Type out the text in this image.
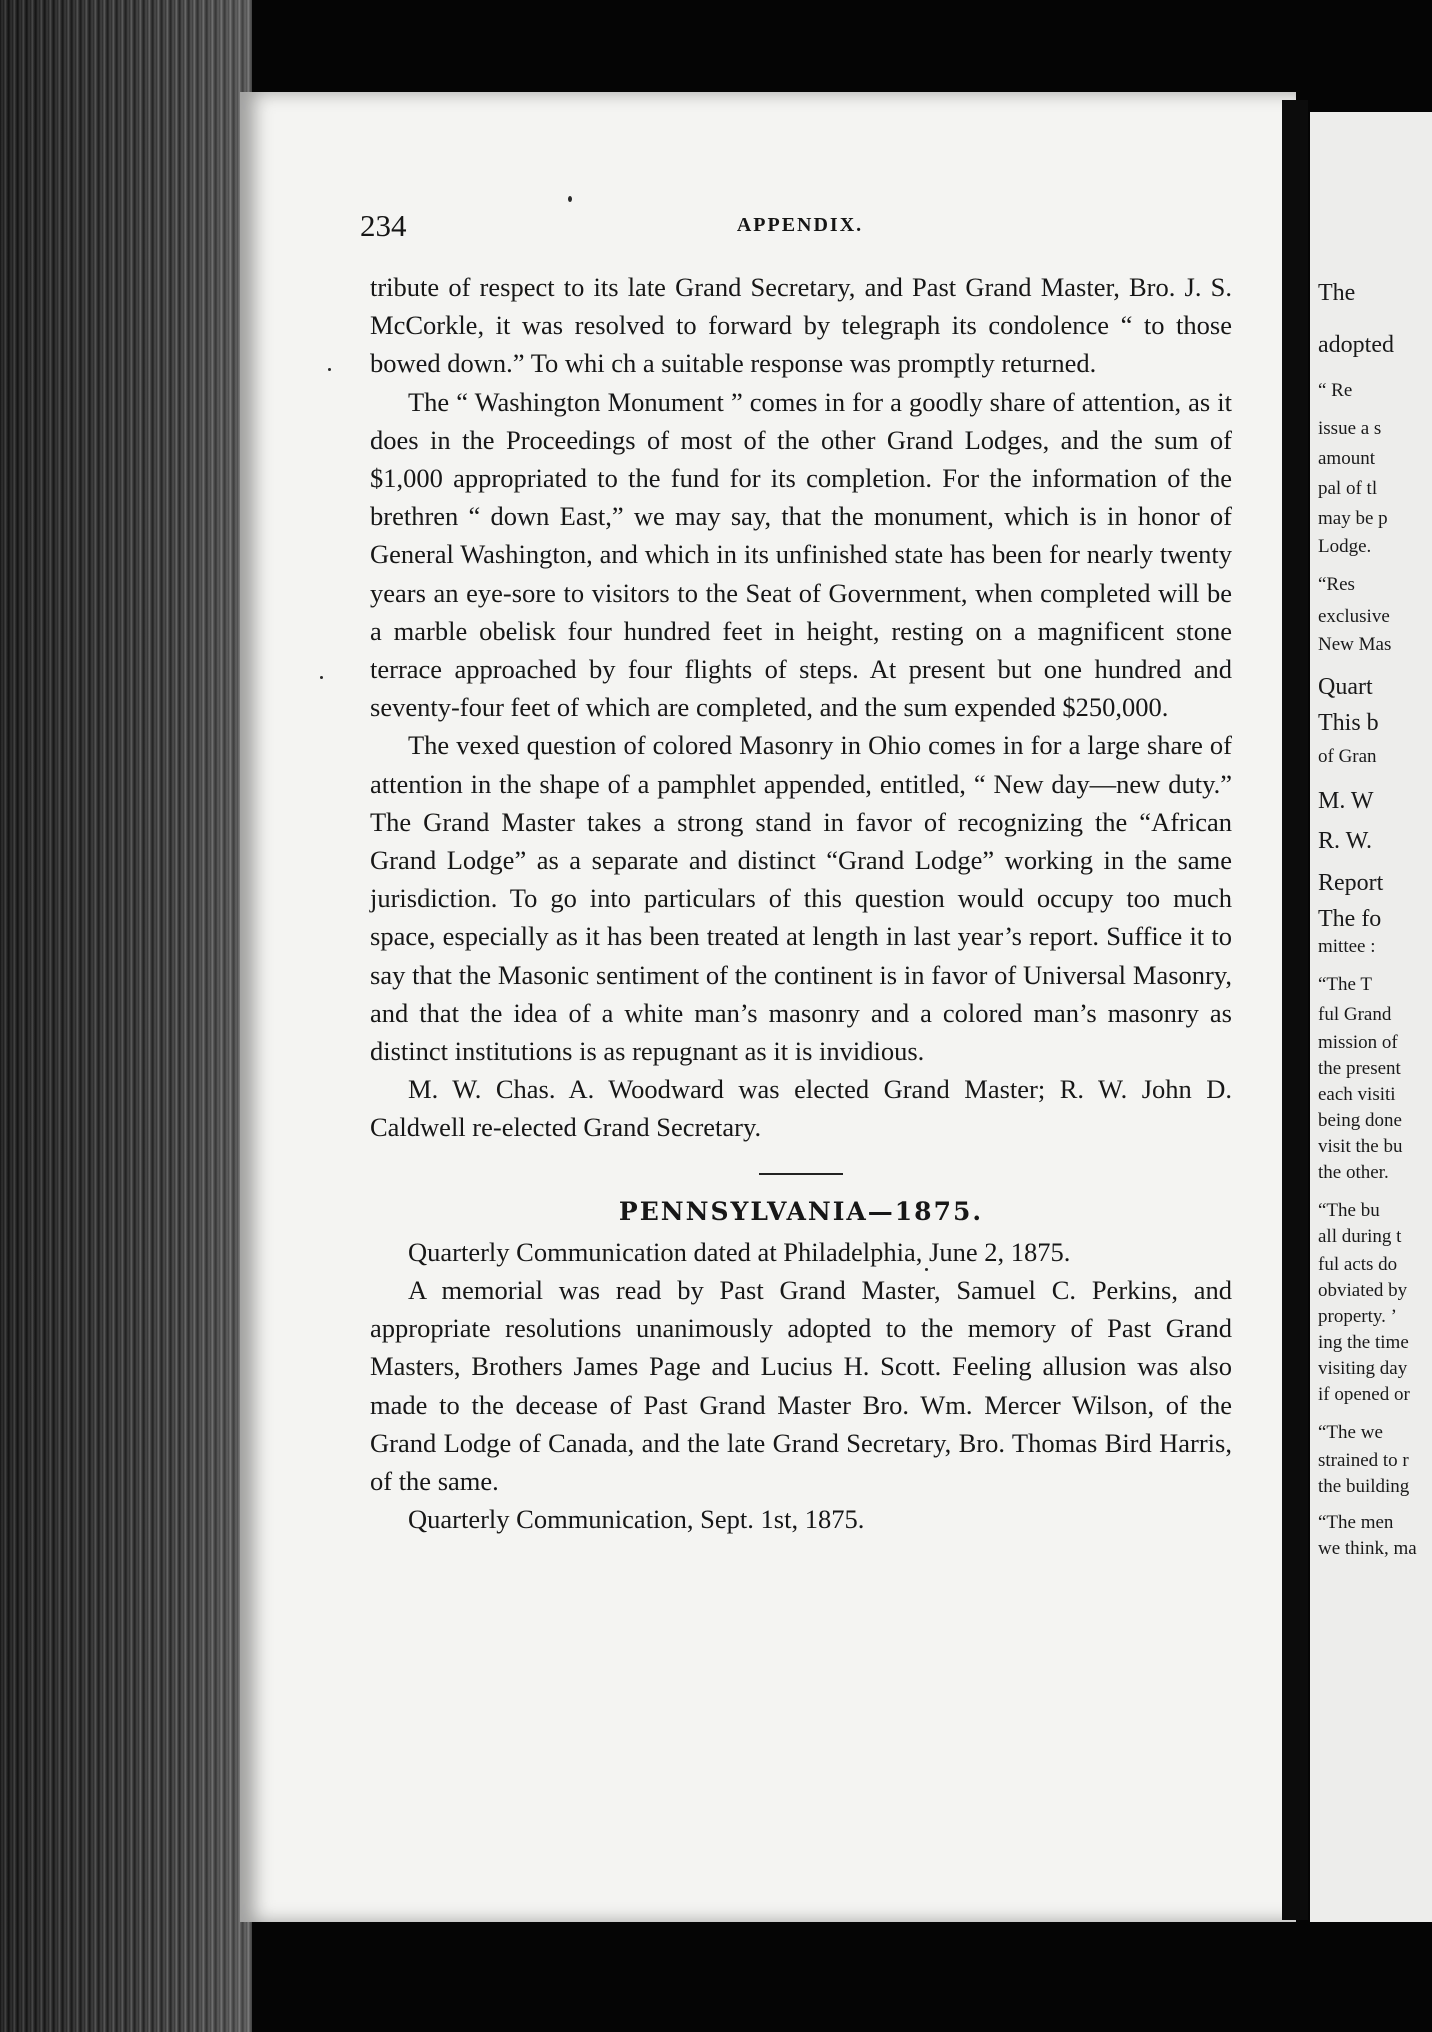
The
adopted
“ Re
issue a s
amount
pal of tl
may be p
Lodge.
“Res
exclusive
New Mas
Quart
This b
of Gran
M. W
R. W.
Report
The fo
mittee :
“The T
ful Grand
mission of
the present
each visiti
being done
visit the bu
the other.
“The bu
all during t
ful acts do
obviated by
property. ’
ing the time
visiting day
if opened or
“The we
strained to r
the building
“The men
we think, ma
234	APPENDIX.

tribute of respect to its late Grand Secretary, and Past Grand Master, Bro. J. S. McCorkle, it was resolved to forward by telegraph its condolence “ to those bowed down.” To whi ch a suitable response was promptly returned.

The “ Washington Monument ” comes in for a goodly share of attention, as it does in the Proceedings of most of the other Grand Lodges, and the sum of $1,000 appropriated to the fund for its completion. For the information of the brethren “ down East,” we may say, that the monument, which is in honor of General Washington, and which in its unfinished state has been for nearly twenty years an eye-sore to visitors to the Seat of Government, when completed will be a marble obelisk four hundred feet in height, resting on a magnificent stone terrace approached by four flights of steps. At present but one hundred and seventy-four feet of which are completed, and the sum expended $250,000.

The vexed question of colored Masonry in Ohio comes in for a large share of attention in the shape of a pamphlet appended, entitled, “ New day—new duty.” The Grand Master takes a strong stand in favor of recognizing the “African Grand Lodge” as a separate and distinct “Grand Lodge” working in the same jurisdiction. To go into particulars of this question would occupy too much space, especially as it has been treated at length in last year’s report. Suffice it to say that the Masonic sentiment of the continent is in favor of Universal Masonry, and that the idea of a white man’s masonry and a colored man’s masonry as distinct institutions is as repugnant as it is invidious.

M. W. Chas. A. Woodward was elected Grand Master; R. W. John D. Caldwell re-elected Grand Secretary.

PENNSYLVANIA—1875.

Quarterly Communication dated at Philadelphia, June 2, 1875.

A memorial was read by Past Grand Master, Samuel C. Perkins, and appropriate resolutions unanimously adopted to the memory of Past Grand Masters, Brothers James Page and Lucius H. Scott. Feeling allusion was also made to the decease of Past Grand Master Bro. Wm. Mercer Wilson, of the Grand Lodge of Canada, and the late Grand Secretary, Bro. Thomas Bird Harris, of the same.

Quarterly Communication, Sept. 1st, 1875.
